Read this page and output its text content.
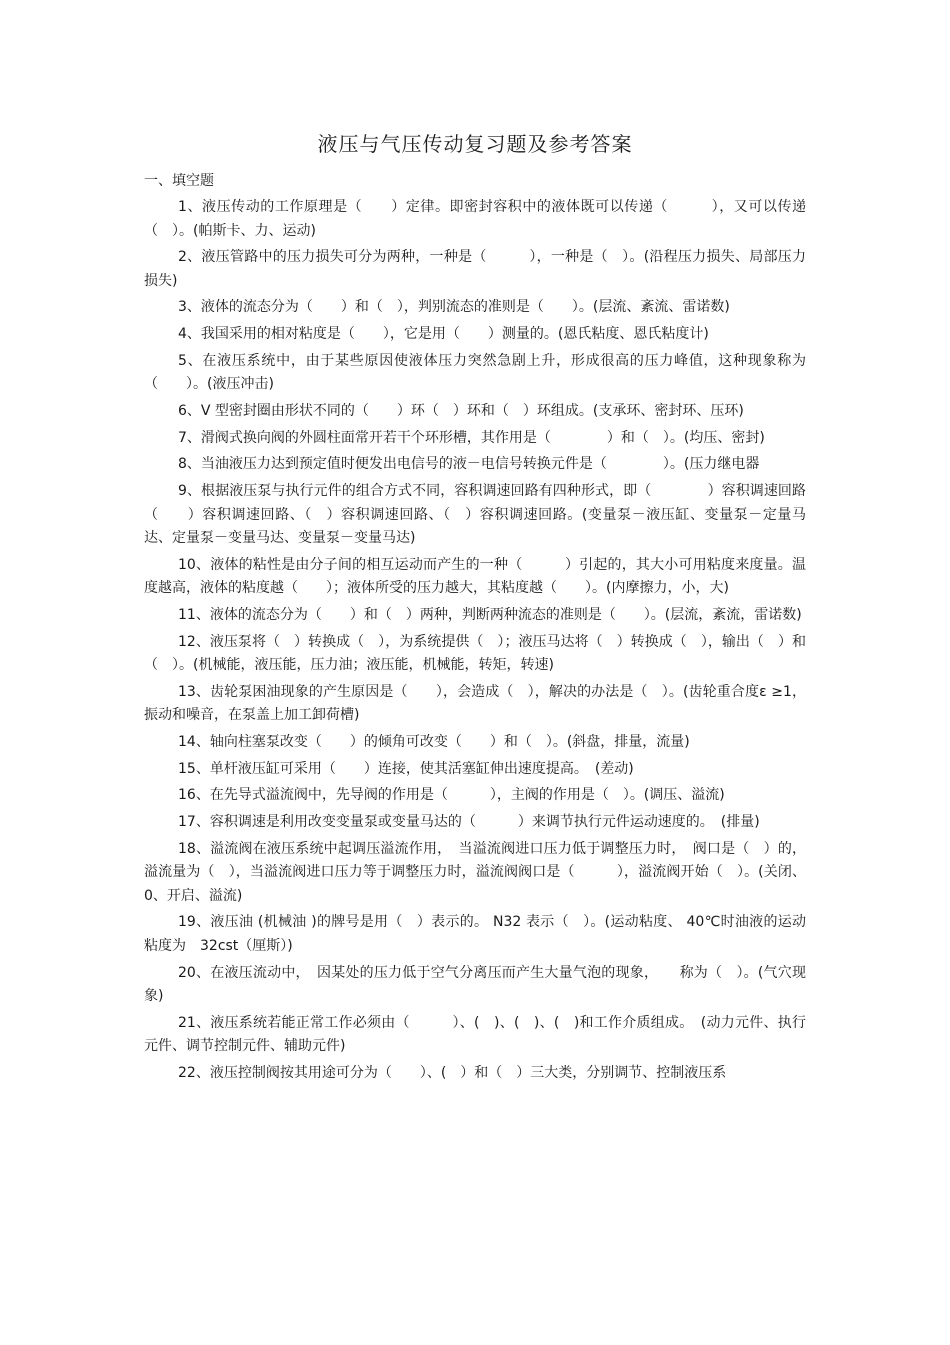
液压与气压传动复习题及参考答案
一、填空题

1、液压传动的工作原理是（　　）定律。即密封容积中的液体既可以传递（　　　），又可以传递（　）。(帕斯卡、力、运动)

2、液压管路中的压力损失可分为两种，一种是（　　　），一种是（　）。(沿程压力损失、局部压力损失)

3、液体的流态分为（　　）和（　），判别流态的准则是（　　）。(层流、紊流、雷诺数)

4、我国采用的相对粘度是（　　），它是用（　　）测量的。(恩氏粘度、恩氏粘度计)

5、在液压系统中，由于某些原因使液体压力突然急剧上升，形成很高的压力峰值，这种现象称为（　　）。(液压冲击)

6、V 型密封圈由形状不同的（　　）环（　）环和（　）环组成。(支承环、密封环、压环)

7、滑阀式换向阀的外圆柱面常开若干个环形槽，其作用是（　　　　）和（　）。(均压、密封)

8、当油液压力达到预定值时便发出电信号的液－电信号转换元件是（　　　　）。(压力继电器

9、根据液压泵与执行元件的组合方式不同，容积调速回路有四种形式，即（　　　　）容积调速回路（　　）容积调速回路、（　）容积调速回路、（　）容积调速回路。(变量泵－液压缸、变量泵－定量马达、定量泵－变量马达、变量泵－变量马达)

10、液体的粘性是由分子间的相互运动而产生的一种（　　　）引起的，其大小可用粘度来度量。温度越高，液体的粘度越（　　）；液体所受的压力越大，其粘度越（　　）。(内摩擦力，小，大)

11、液体的流态分为（　　）和（　）两种，判断两种流态的准则是（　　）。(层流，紊流，雷诺数)

12、液压泵将（　）转换成（　），为系统提供（　）；液压马达将（　）转换成（　），输出（　）和（　）。(机械能，液压能，压力油；液压能，机械能，转矩，转速)

13、齿轮泵困油现象的产生原因是（　　），会造成（　），解决的办法是（　）。(齿轮重合度ε ≥1，振动和噪音，在泵盖上加工卸荷槽)

14、轴向柱塞泵改变（　　）的倾角可改变（　　）和（　）。(斜盘，排量，流量)

15、单杆液压缸可采用（　　）连接，使其活塞缸伸出速度提高。　(差动)

16、在先导式溢流阀中，先导阀的作用是（　　　），主阀的作用是（　）。(调压、溢流)

17、容积调速是利用改变变量泵或变量马达的（　　　）来调节执行元件运动速度的。　(排量)

18、溢流阀在液压系统中起调压溢流作用，　当溢流阀进口压力低于调整压力时，　阀口是（　）的，溢流量为（　），当溢流阀进口压力等于调整压力时，溢流阀阀口是（　　　），溢流阀开始（　）。(关闭、0、开启、溢流)

19、液压油 (机械油 )的牌号是用（　）表示的。 N32 表示（　）。(运动粘度、 40℃时油液的运动粘度为　32cst（厘斯）)

20、在液压流动中，　因某处的压力低于空气分离压而产生大量气泡的现象，　　称为（　）。(气穴现象)

21、液压系统若能正常工作必须由（　　　）、(　)、(　)、(　)和工作介质组成。　(动力元件、执行元件、调节控制元件、辅助元件)

22、液压控制阀按其用途可分为（　　）、(　）和（　）三大类，分别调节、控制液压系
